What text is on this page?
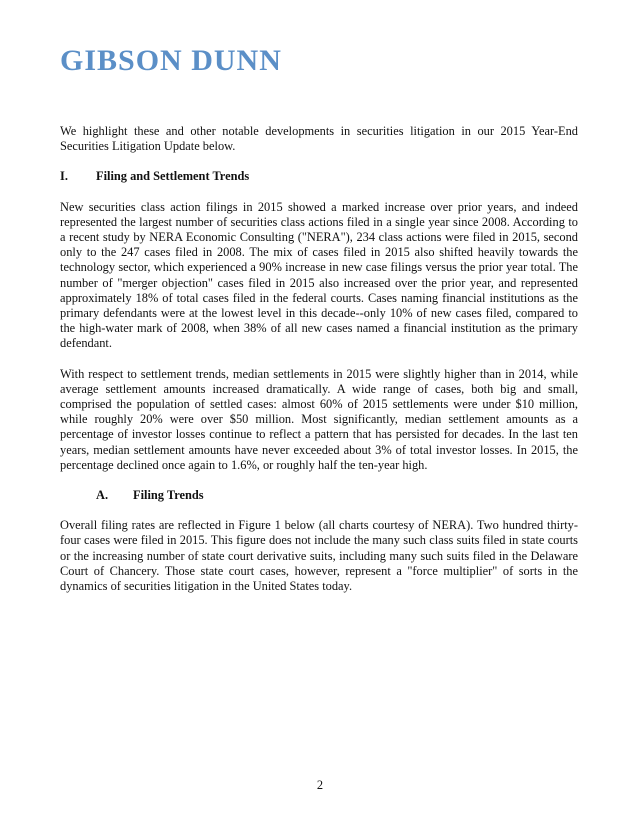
GIBSON DUNN

We highlight these and other notable developments in securities litigation in our 2015 Year-End Securities Litigation Update below.

I.	Filing and Settlement Trends

New securities class action filings in 2015 showed a marked increase over prior years, and indeed represented the largest number of securities class actions filed in a single year since 2008. According to a recent study by NERA Economic Consulting ("NERA"), 234 class actions were filed in 2015, second only to the 247 cases filed in 2008. The mix of cases filed in 2015 also shifted heavily towards the technology sector, which experienced a 90% increase in new case filings versus the prior year total. The number of "merger objection" cases filed in 2015 also increased over the prior year, and represented approximately 18% of total cases filed in the federal courts. Cases naming financial institutions as the primary defendants were at the lowest level in this decade--only 10% of new cases filed, compared to the high-water mark of 2008, when 38% of all new cases named a financial institution as the primary defendant.

With respect to settlement trends, median settlements in 2015 were slightly higher than in 2014, while average settlement amounts increased dramatically. A wide range of cases, both big and small, comprised the population of settled cases: almost 60% of 2015 settlements were under $10 million, while roughly 20% were over $50 million. Most significantly, median settlement amounts as a percentage of investor losses continue to reflect a pattern that has persisted for decades. In the last ten years, median settlement amounts have never exceeded about 3% of total investor losses. In 2015, the percentage declined once again to 1.6%, or roughly half the ten-year high.

A.	Filing Trends

Overall filing rates are reflected in Figure 1 below (all charts courtesy of NERA). Two hundred thirty-four cases were filed in 2015. This figure does not include the many such class suits filed in state courts or the increasing number of state court derivative suits, including many such suits filed in the Delaware Court of Chancery. Those state court cases, however, represent a "force multiplier" of sorts in the dynamics of securities litigation in the United States today.

2
